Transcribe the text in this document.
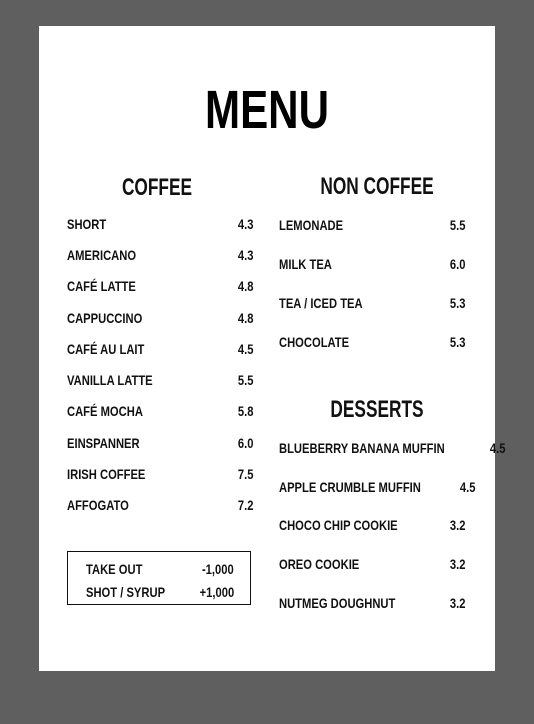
MENU
COFFEE
SHORT	4.3
AMERICANO	4.3
CAFÉ LATTE	4.8
CAPPUCCINO	4.8
CAFÉ AU LAIT	4.5
VANILLA LATTE	5.5
CAFÉ MOCHA	5.8
EINSPANNER	6.0
IRISH COFFEE	7.5
AFFOGATO	7.2
TAKE OUT	-1,000
SHOT / SYRUP +1,000
NON COFFEE
LEMONADE	5.5
MILK TEA	6.0
TEA / ICED TEA	5.3
CHOCOLATE	5.3
DESSERTS
BLUEBERRY BANANA MUFFIN	4.5
APPLE CRUMBLE MUFFIN	4.5
CHOCO CHIP COOKIE	3.2
OREO COOKIE	3.2
NUTMEG DOUGHNUT	3.2
